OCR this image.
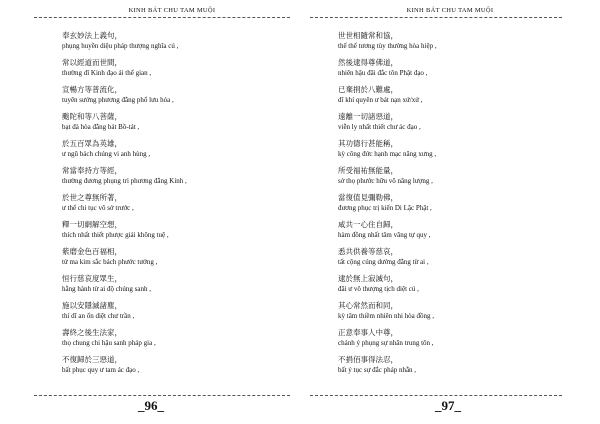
KINH BÁT CHU TAM MUỘI
奉玄妙法上義句，
phụng huyền diệu pháp thượng nghĩa cú ,
常以經道而世間，
thường dĩ Kinh đạo ái thế gian ,
宣暢方等普流化，
tuyên sướng phương đẳng phổ lưu hóa ,
颰陀和等八菩薩，
bạt đà hòa đẳng bát Bồ-tát ,
於五百眾為英雄，
ư ngũ bách chúng vi anh hùng ,
常當奉持方等經，
thường đương phụng trì phương đẳng Kinh ,
於世之尊無所著，
ư thế chi tục vô sở trước ,
釋一切網解空想，
thích nhất thiết phược giải không tuệ ,
紫磨金色百福相，
tử ma kim sắc bách phước tướng ,
恒行慈哀度眾生，
hằng hành từ ai độ chúng sanh ,
施以安隱滅諸塵，
thí dĩ an ổn diệt chư trần ,
壽終之後生法家，
thọ chung chi hậu sanh pháp gia ,
不復歸於三惡道，
bất phục quy ư tam ác đạo ,
_96_
KINH BÁT CHU TAM MUỘI
世世相隨常和協，
thế thế tương tùy thường hòa hiệp ,
然後逮得尊佛道，
nhiên hậu đãi đắc tôn Phật đạo ,
已棄捐於八難處，
dĩ khí quyên ư bát nạn xứ/xử ,
遠離一切諸惡道，
viễn ly nhất thiết chư ác đạo ,
其功德行甚能稱，
kỳ công đức hạnh mạc năng xưng ,
所受福祐無能量，
sở thọ phước hữu vô năng lượng ,
當復值見彌勒佛，
đương phục trị kiến Di Lặc Phật ,
咸共一心住自歸，
hàm đồng nhất tâm vãng tự quy ,
悉共供養等慈哀，
tất cộng cúng dường đẳng từ ai ,
逮於無上寂滅句，
đãi ư vô thượng tịch diệt cú ,
其心常然而和同，
kỳ tâm thiềm nhiên nhi hòa đồng ,
正意奉事人中尊，
chánh ý phụng sự nhân trung tôn ,
不捐佰事得法忍，
bất ý tục sự đắc pháp nhẫn ,
_97_
